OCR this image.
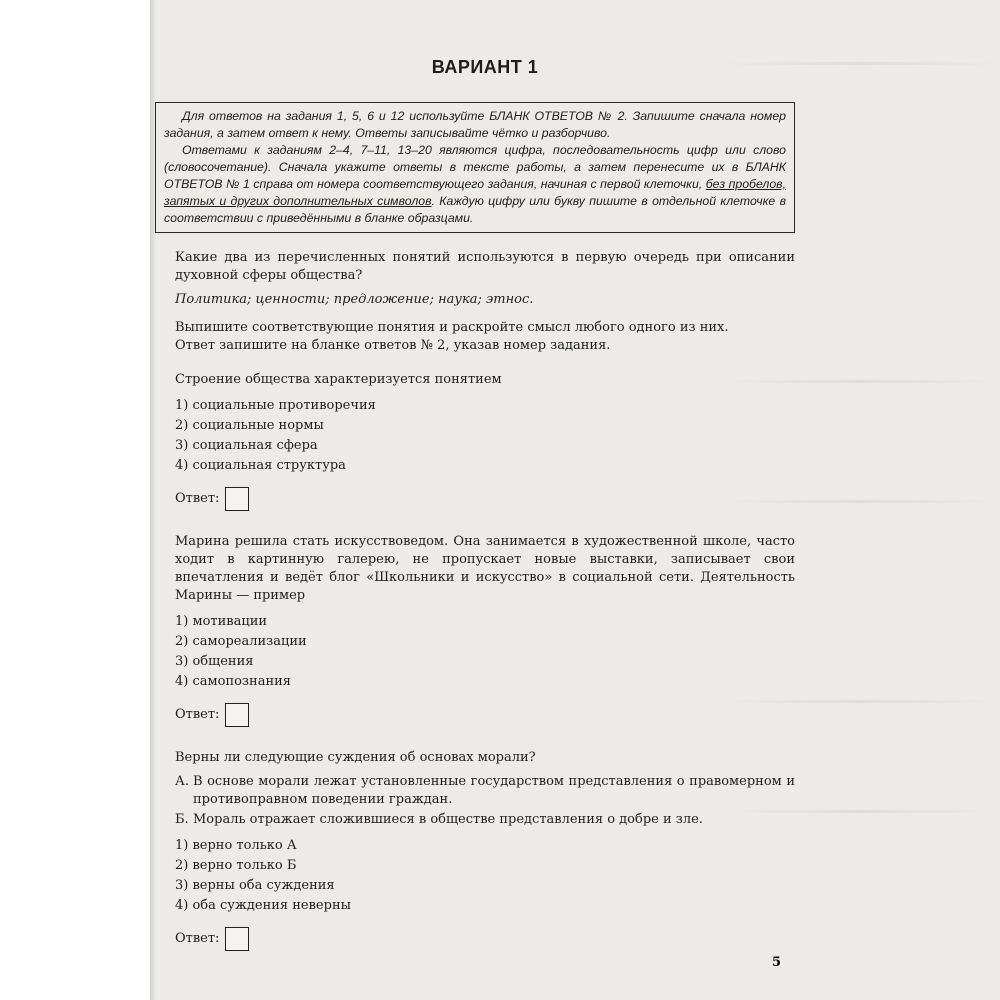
ВАРИАНТ 1

Для ответов на задания 1, 5, 6 и 12 используйте БЛАНК ОТВЕТОВ № 2. Запишите сначала номер задания, а затем ответ к нему. Ответы записывайте чётко и разборчиво.

Ответами к заданиям 2–4, 7–11, 13–20 являются цифра, последовательность цифр или слово (словосочетание). Сначала укажите ответы в тексте работы, а затем перенесите их в БЛАНК ОТВЕТОВ № 1 справа от номера соответствующего задания, начиная с первой клеточки, без пробелов, запятых и других дополнительных символов. Каждую цифру или букву пишите в отдельной клеточке в соответствии с приведёнными в бланке образцами.

Какие два из перечисленных понятий используются в первую очередь при описании духовной сферы общества?

Политика; ценности; предложение; наука; этнос.

Выпишите соответствующие понятия и раскройте смысл любого одного из них.

Ответ запишите на бланке ответов № 2, указав номер задания.

Строение общества характеризуется понятием

1) социальные противоречия
2) социальные нормы
3) социальная сфера
4) социальная структура
Ответ:

Марина решила стать искусствоведом. Она занимается в художественной школе, часто ходит в картинную галерею, не пропускает новые выставки, записывает свои впечатления и ведёт блог «Школьники и искусство» в социальной сети. Деятельность Марины — пример

1) мотивации
2) самореализации
3) общения
4) самопознания
Ответ:

Верны ли следующие суждения об основах морали?

А. В основе морали лежат установленные государством представления о правомерном и противоправном поведении граждан.
Б. Мораль отражает сложившиеся в обществе представления о добре и зле.
1) верно только А
2) верно только Б
3) верны оба суждения
4) оба суждения неверны
Ответ:
5
